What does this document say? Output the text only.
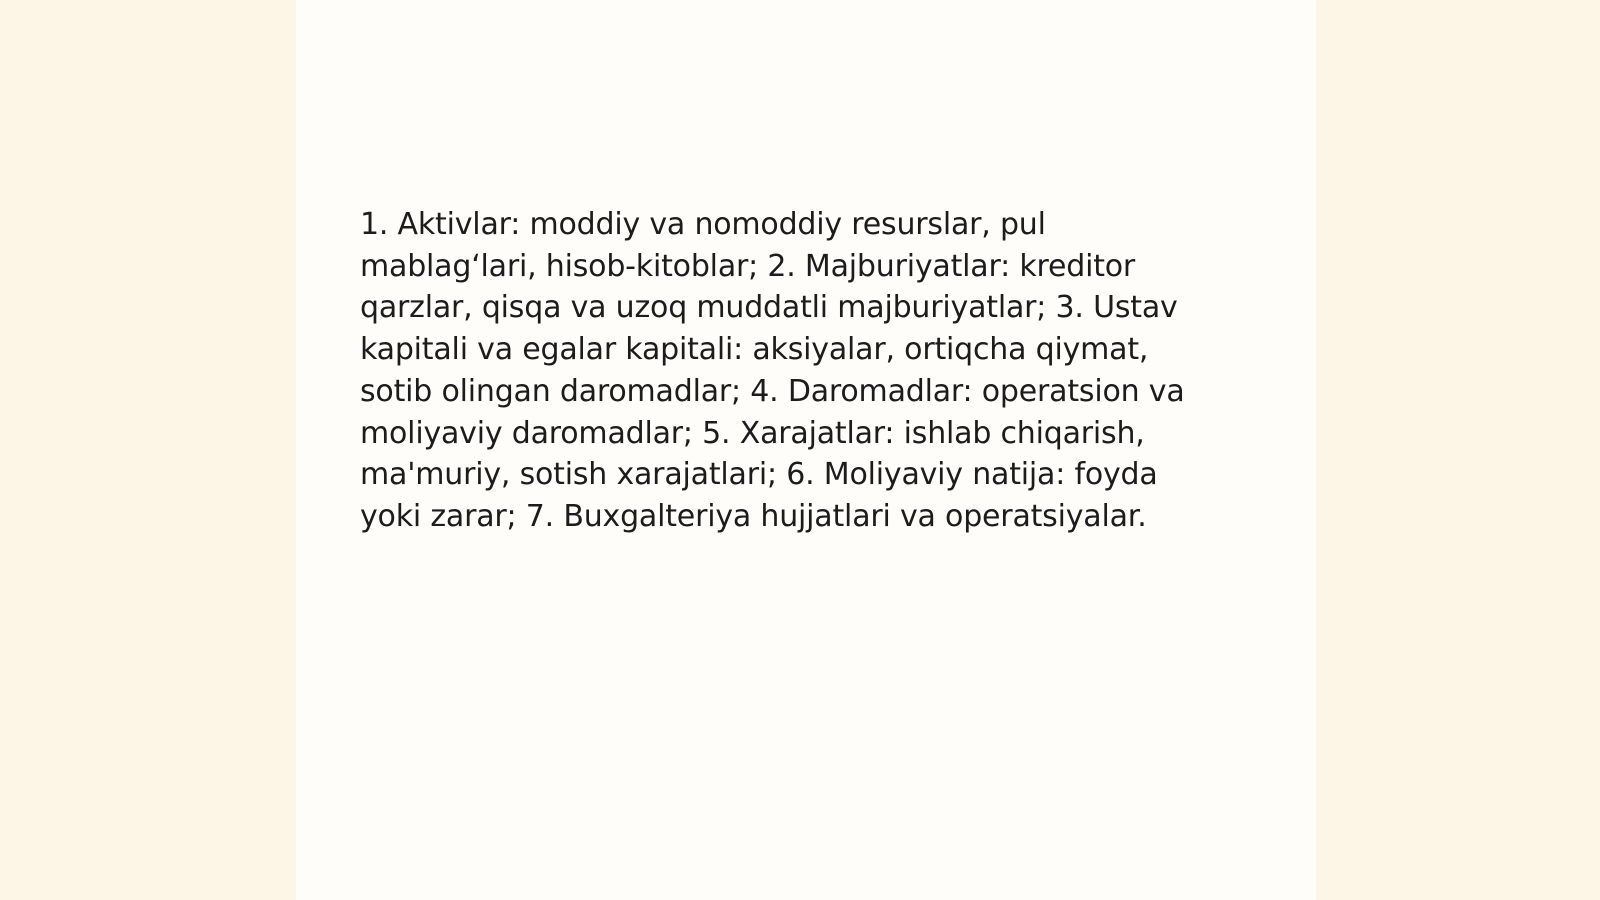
1. Aktivlar: moddiy va nomoddiy resurslar, pul mablag‘lari, hisob-kitoblar; 2. Majburiyatlar: kreditor qarzlar, qisqa va uzoq muddatli majburiyatlar; 3. Ustav kapitali va egalar kapitali: aksiyalar, ortiqcha qiymat, sotib olingan daromadlar; 4. Daromadlar: operatsion va moliyaviy daromadlar; 5. Xarajatlar: ishlab chiqarish, ma'muriy, sotish xarajatlari; 6. Moliyaviy natija: foyda yoki zarar; 7. Buxgalteriya hujjatlari va operatsiyalar.
